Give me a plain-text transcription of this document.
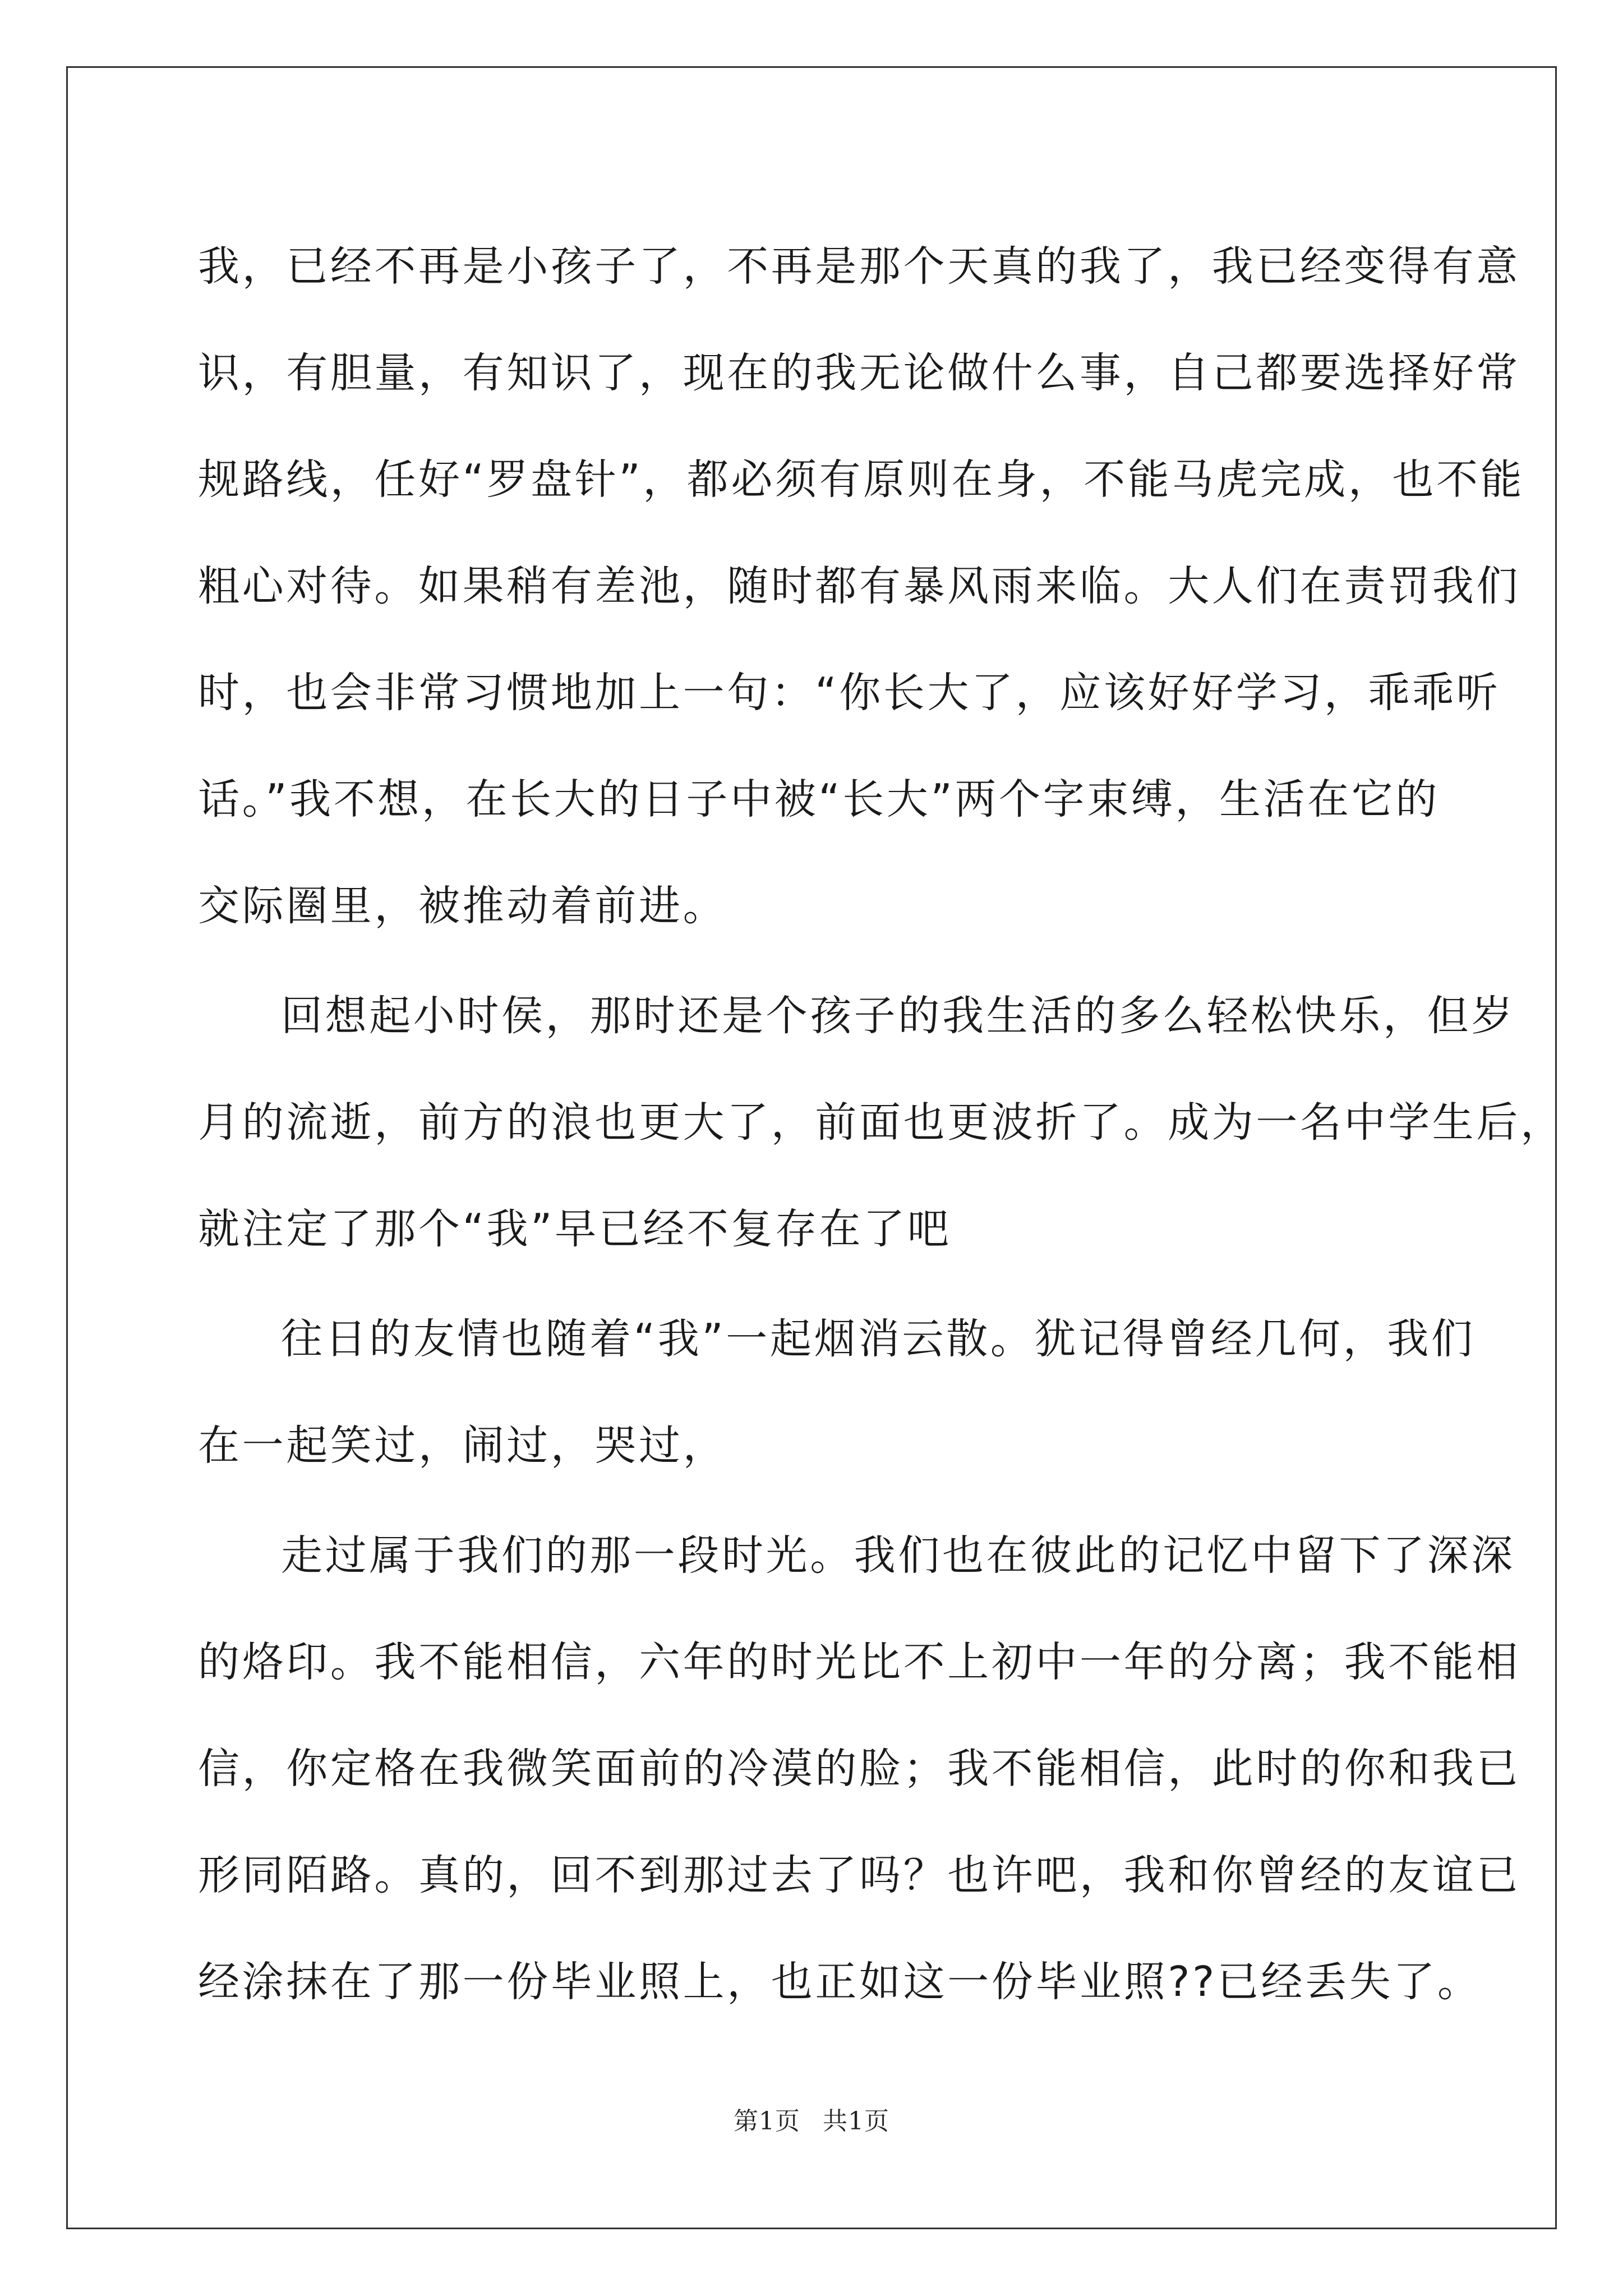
我，已经不再是小孩子了，不再是那个天真的我了，我已经变得有意
识，有胆量，有知识了，现在的我无论做什么事，自己都要选择好常
规路线，任好“罗盘针”，都必须有原则在身，不能马虎完成，也不能
粗心对待。如果稍有差池，随时都有暴风雨来临。大人们在责罚我们
时，也会非常习惯地加上一句：“你长大了，应该好好学习，乖乖听
话。”我不想，在长大的日子中被“长大”两个字束缚，生活在它的
交际圈里，被推动着前进。
回想起小时侯，那时还是个孩子的我生活的多么轻松快乐，但岁
月的流逝，前方的浪也更大了，前面也更波折了。成为一名中学生后，
就注定了那个“我”早已经不复存在了吧
往日的友情也随着“我”一起烟消云散。犹记得曾经几何，我们
在一起笑过，闹过，哭过，
走过属于我们的那一段时光。我们也在彼此的记忆中留下了深深
的烙印。我不能相信，六年的时光比不上初中一年的分离；我不能相
信，你定格在我微笑面前的冷漠的脸；我不能相信，此时的你和我已
形同陌路。真的，回不到那过去了吗？也许吧，我和你曾经的友谊已
经涂抹在了那一份毕业照上，也正如这一份毕业照??已经丢失了。
第1页 共1页
